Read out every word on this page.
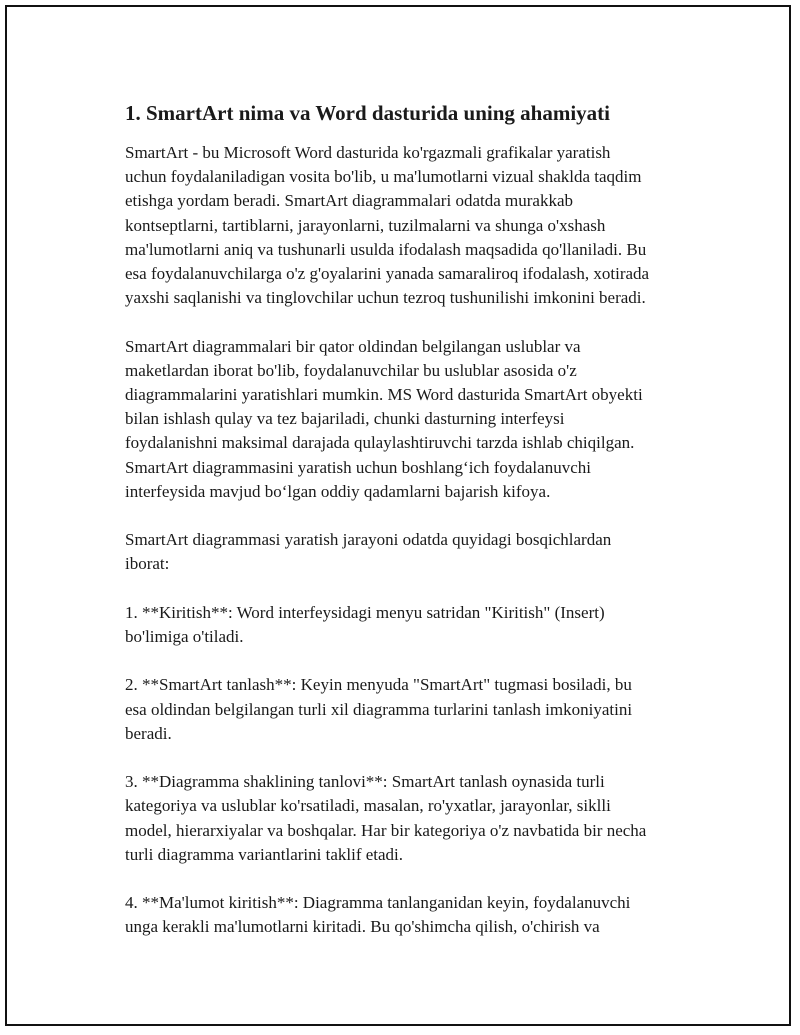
1. SmartArt nima va Word dasturida uning ahamiyati

SmartArt - bu Microsoft Word dasturida ko'rgazmali grafikalar yaratish
uchun foydalaniladigan vosita bo'lib, u ma'lumotlarni vizual shaklda taqdim
etishga yordam beradi. SmartArt diagrammalari odatda murakkab
kontseptlarni, tartiblarni, jarayonlarni, tuzilmalarni va shunga o'xshash
ma'lumotlarni aniq va tushunarli usulda ifodalash maqsadida qo'llaniladi. Bu
esa foydalanuvchilarga o'z g'oyalarini yanada samaraliroq ifodalash, xotirada
yaxshi saqlanishi va tinglovchilar uchun tezroq tushunilishi imkonini beradi.

SmartArt diagrammalari bir qator oldindan belgilangan uslublar va
maketlardan iborat bo'lib, foydalanuvchilar bu uslublar asosida o'z
diagrammalarini yaratishlari mumkin. MS Word dasturida SmartArt obyekti
bilan ishlash qulay va tez bajariladi, chunki dasturning interfeysi
foydalanishni maksimal darajada qulaylashtiruvchi tarzda ishlab chiqilgan.
SmartArt diagrammasini yaratish uchun boshlang‘ich foydalanuvchi
interfeysida mavjud bo‘lgan oddiy qadamlarni bajarish kifoya.

SmartArt diagrammasi yaratish jarayoni odatda quyidagi bosqichlardan
iborat:

1. **Kiritish**: Word interfeysidagi menyu satridan "Kiritish" (Insert)
bo'limiga o'tiladi.

2. **SmartArt tanlash**: Keyin menyuda "SmartArt" tugmasi bosiladi, bu
esa oldindan belgilangan turli xil diagramma turlarini tanlash imkoniyatini
beradi.

3. **Diagramma shaklining tanlovi**: SmartArt tanlash oynasida turli
kategoriya va uslublar ko'rsatiladi, masalan, ro'yxatlar, jarayonlar, siklli
model, hierarxiyalar va boshqalar. Har bir kategoriya o'z navbatida bir necha
turli diagramma variantlarini taklif etadi.

4. **Ma'lumot kiritish**: Diagramma tanlanganidan keyin, foydalanuvchi
unga kerakli ma'lumotlarni kiritadi. Bu qo'shimcha qilish, o'chirish va
